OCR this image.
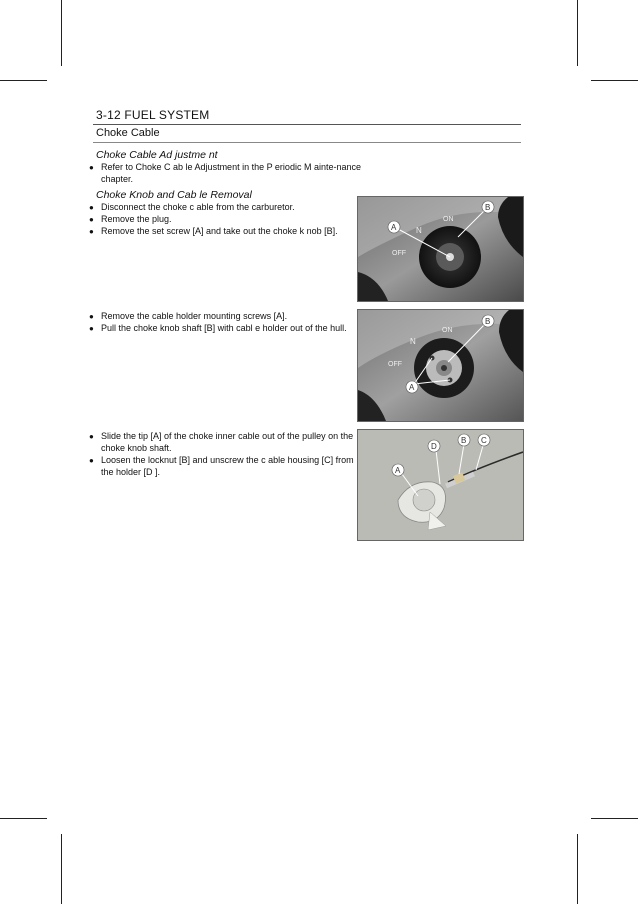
3-12 FUEL SYSTEM
Choke Cable
Choke Cable Ad justme nt
● Refer to Choke C ab le Adjustment in the P eriodic M ainte-nance chapter.
Choke Knob and Cab le Removal
● Disconnect the choke c able from the carburetor.
● Remove the plug.
● Remove the set screw [A] and take out the choke k nob [B].
● Remove the cable holder mounting screws [A].
● Pull the choke knob shaft [B] with cabl e holder out of the hull.
● Slide the tip [A] of the choke inner cable out of the pulley on the choke knob shaft.
● Loosen the locknut [B] and unscrew the c able housing [C] from the holder [D ].
N
ON
OFF
A
B
N
ON
OFF
B
A
A
D
B C
